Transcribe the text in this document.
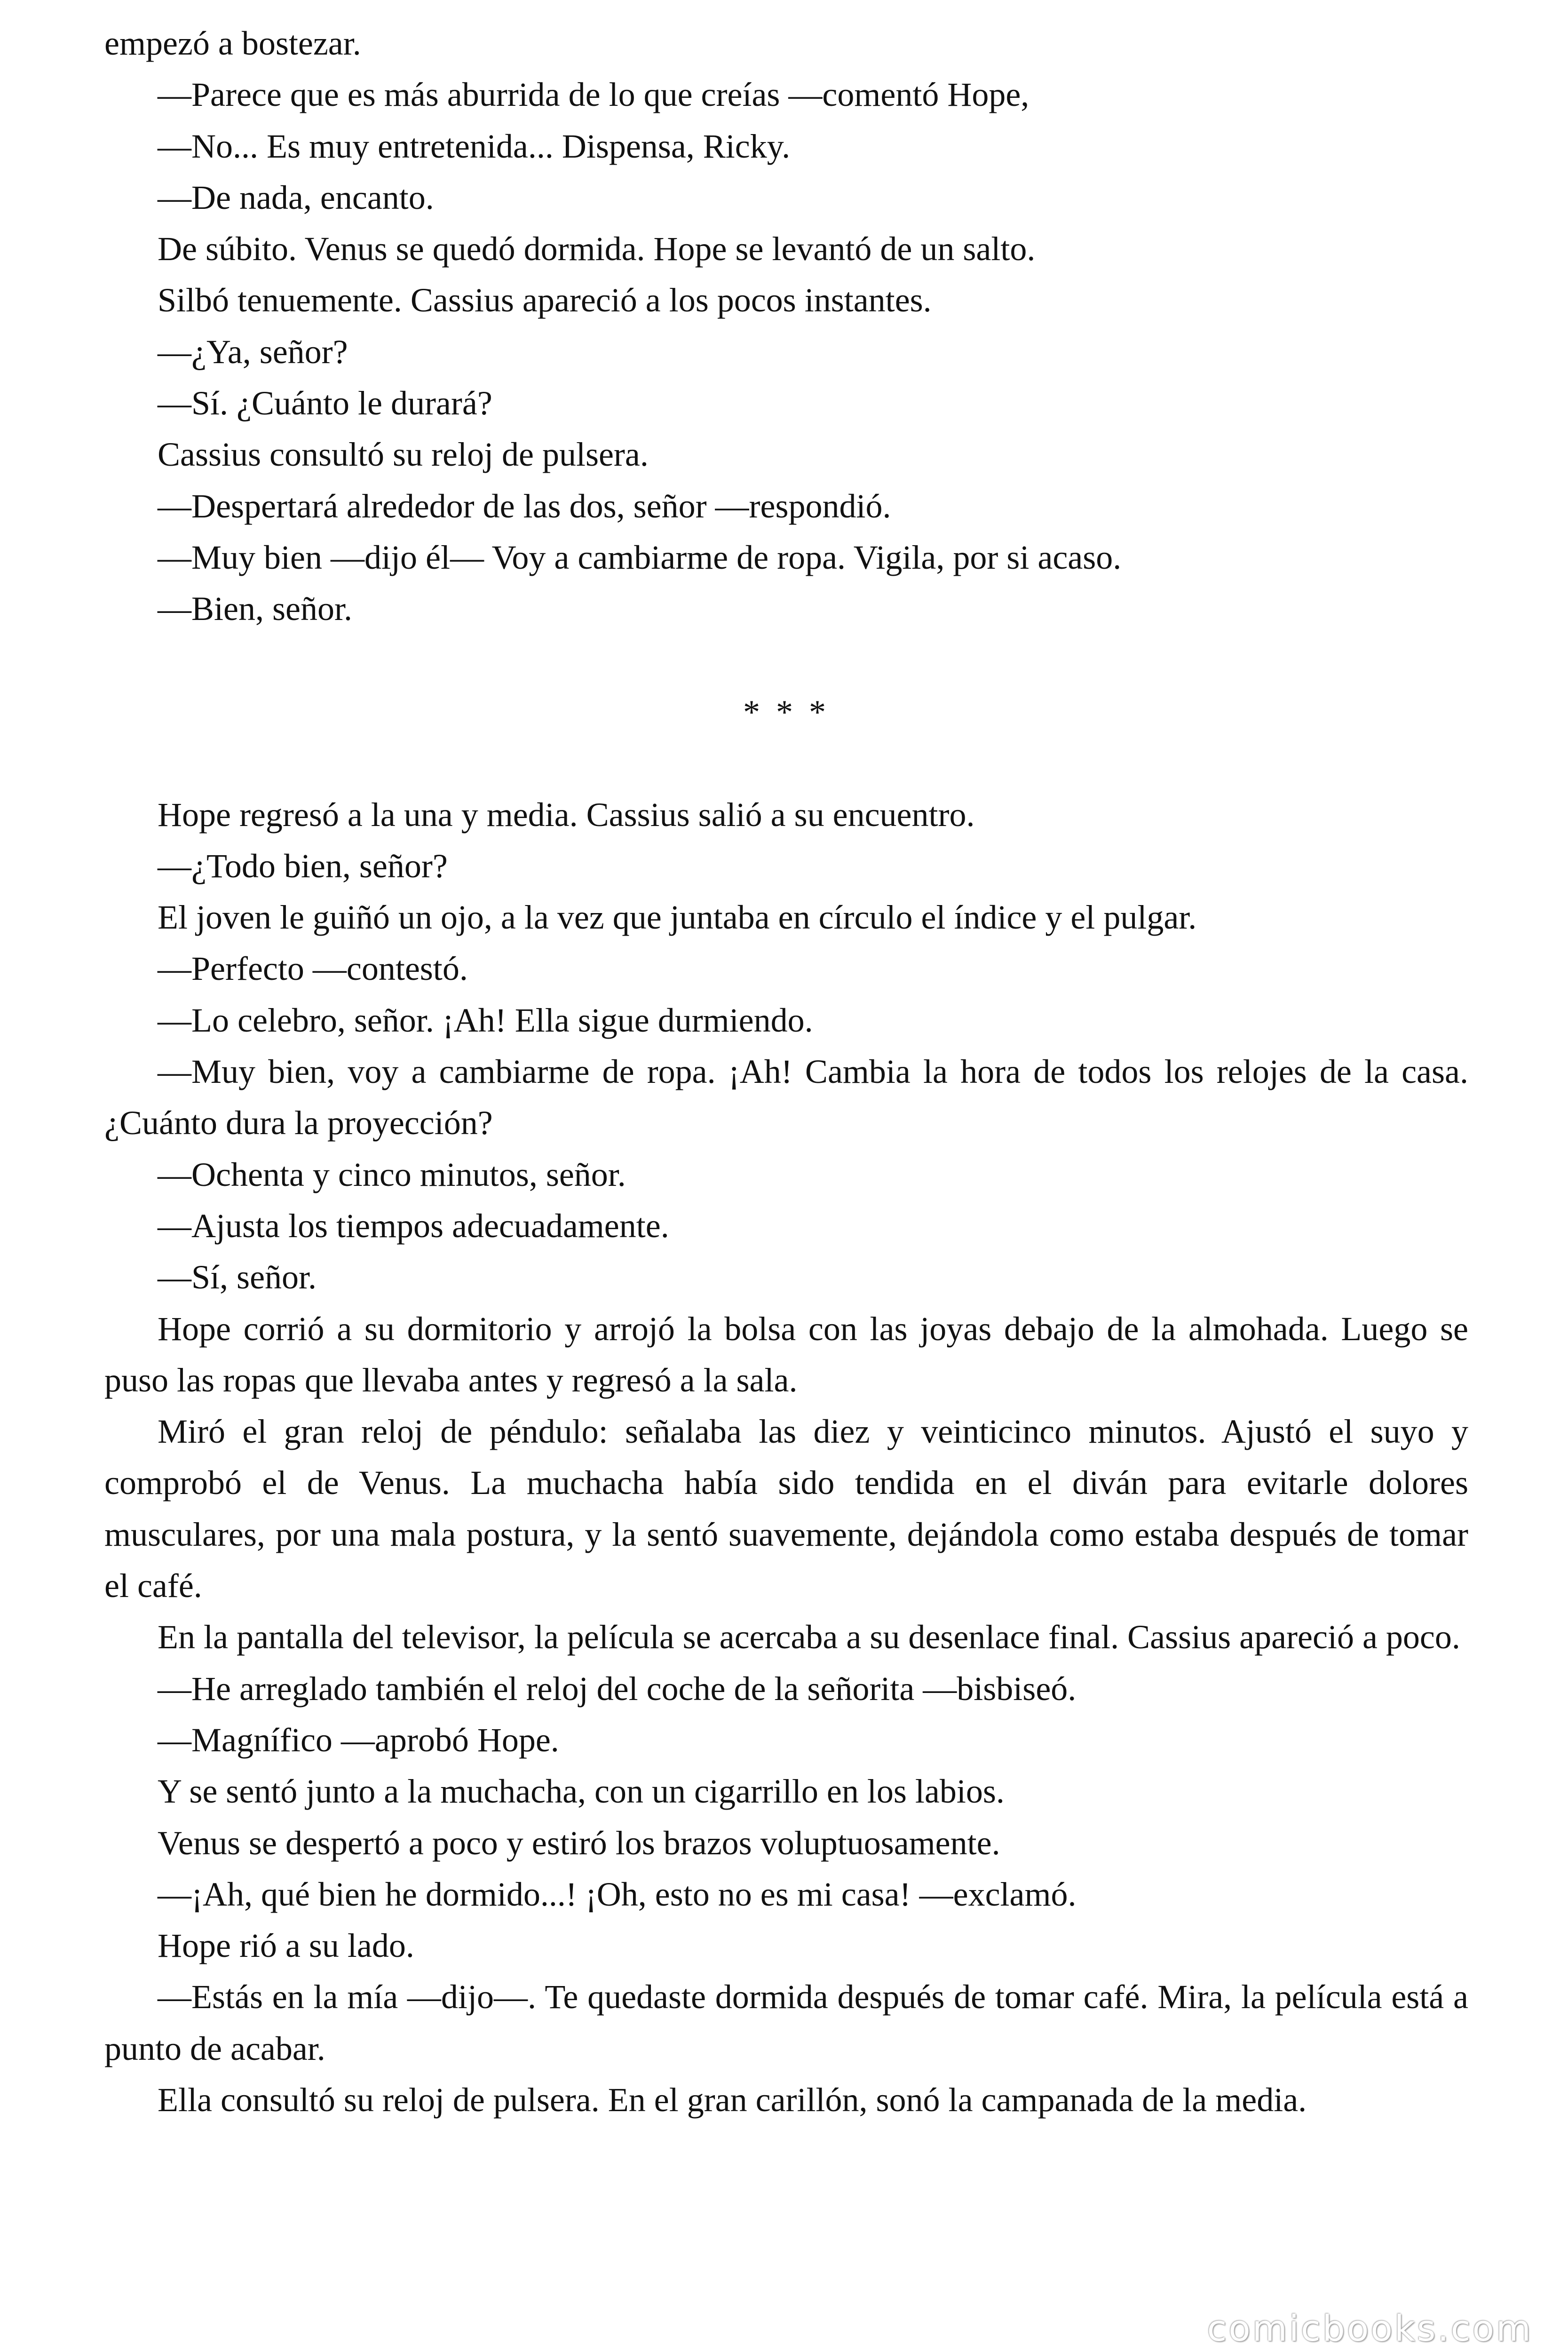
empezó a bostezar.
—Parece que es más aburrida de lo que creías —comentó Hope,
—No... Es muy entretenida... Dispensa, Ricky.
—De nada, encanto.
De súbito. Venus se quedó dormida. Hope se levantó de un salto.
Silbó tenuemente. Cassius apareció a los pocos instantes.
—¿Ya, señor?
—Sí. ¿Cuánto le durará?
Cassius consultó su reloj de pulsera.
—Despertará alrededor de las dos, señor —respondió.
—Muy bien —dijo él— Voy a cambiarme de ropa. Vigila, por si acaso.
—Bien, señor.
* * *
Hope regresó a la una y media. Cassius salió a su encuentro.
—¿Todo bien, señor?
El joven le guiñó un ojo, a la vez que juntaba en círculo el índice y el pulgar.
—Perfecto —contestó.
—Lo celebro, señor. ¡Ah! Ella sigue durmiendo.
—Muy bien, voy a cambiarme de ropa. ¡Ah! Cambia la hora de todos los relojes de la casa. ¿Cuánto dura la proyección?
—Ochenta y cinco minutos, señor.
—Ajusta los tiempos adecuadamente.
—Sí, señor.
Hope corrió a su dormitorio y arrojó la bolsa con las joyas debajo de la almohada. Luego se puso las ropas que llevaba antes y regresó a la sala.
Miró el gran reloj de péndulo: señalaba las diez y veinticinco minutos. Ajustó el suyo y comprobó el de Venus. La muchacha había sido tendida en el diván para evitarle dolores musculares, por una mala postura, y la sentó suavemente, dejándola como estaba después de tomar el café.
En la pantalla del televisor, la película se acercaba a su desenlace final. Cassius apareció a poco.
—He arreglado también el reloj del coche de la señorita —bisbiseó.
—Magnífico —aprobó Hope.
Y se sentó junto a la muchacha, con un cigarrillo en los labios.
Venus se despertó a poco y estiró los brazos voluptuosamente.
—¡Ah, qué bien he dormido...! ¡Oh, esto no es mi casa! —exclamó.
Hope rió a su lado.
—Estás en la mía —dijo—. Te quedaste dormida después de tomar café. Mira, la película está a punto de acabar.
Ella consultó su reloj de pulsera. En el gran carillón, sonó la campanada de la media.
comicbooks.com
